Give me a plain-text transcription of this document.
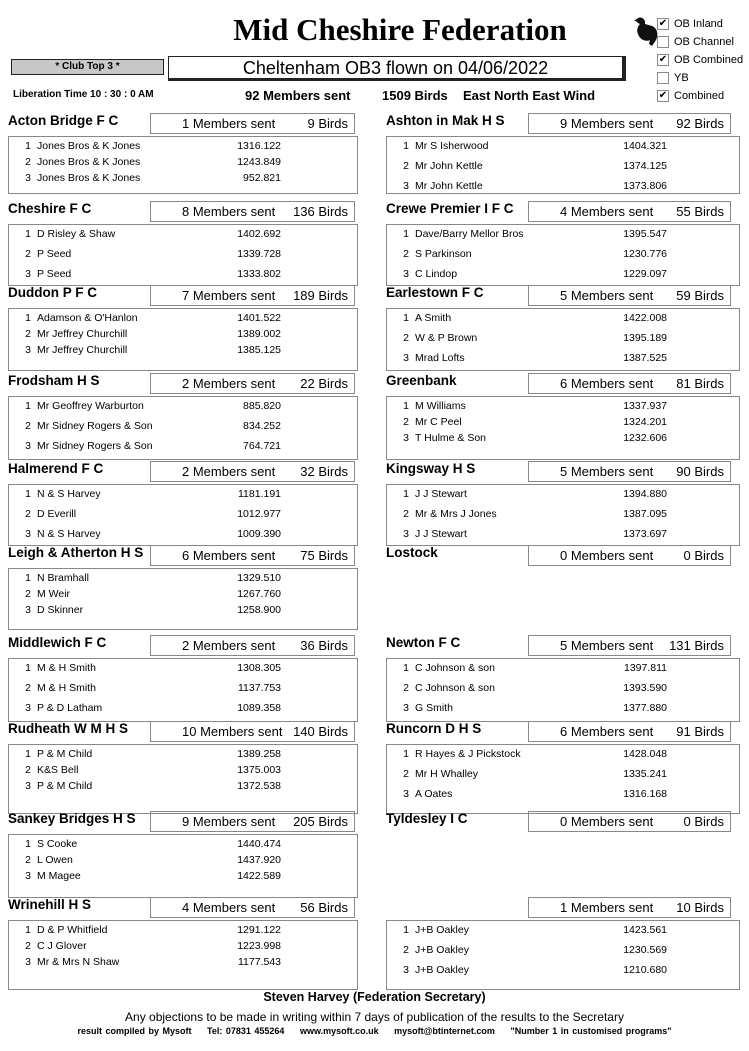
Mid Cheshire Federation	✔ OB Inland
OB Channel
✔ OB Combined
YB
✔ Combined
* Club Top 3 *	Cheltenham OB3 flown on 04/06/2022
Liberation Time 10 : 30 : 0 AM	92 Members sent 1509 Birds East North East Wind
Acton Bridge F C	1 Members sent 9 Birds
1 Jones Bros & K Jones	1316.122
2 Jones Bros & K Jones	1243.849
3 Jones Bros & K Jones	952.821
Ashton in Mak H S	9 Members sent 92 Birds
1 Mr S Isherwood	1404.321
2 Mr John Kettle	1374.125
3 Mr John Kettle	1373.806
Cheshire F C	8 Members sent 136 Birds
1 D Risley & Shaw	1402.692
2 P Seed	1339.728
3 P Seed	1333.802
Crewe Premier I F C	4 Members sent 55 Birds
1 Dave/Barry Mellor Bros	1395.547
2 S Parkinson	1230.776
3 C Lindop	1229.097
Duddon P F C	7 Members sent 189 Birds
1 Adamson & O'Hanlon	1401.522
2 Mr Jeffrey Churchill	1389.002
3 Mr Jeffrey Churchill	1385.125
Earlestown F C	5 Members sent 59 Birds
1 A Smith	1422.008
2 W & P Brown	1395.189
3 Mrad Lofts	1387.525
Frodsham H S	2 Members sent 22 Birds
1 Mr Geoffrey Warburton	885.820
2 Mr Sidney Rogers & Son	834.252
3 Mr Sidney Rogers & Son	764.721
Greenbank	6 Members sent 81 Birds
1 M Williams	1337.937
2 Mr C Peel	1324.201
3 T Hulme & Son	1232.606
Halmerend F C	2 Members sent 32 Birds
1 N & S Harvey	1181.191
2 D Everill	1012.977
3 N & S Harvey	1009.390
Kingsway H S	5 Members sent 90 Birds
1 J J Stewart	1394.880
2 Mr & Mrs J Jones	1387.095
3 J J Stewart	1373.697
Leigh & Atherton H S	6 Members sent 75 Birds
1 N Bramhall	1329.510
2 M Weir	1267.760
3 D Skinner	1258.900
Lostock	0 Members sent 0 Birds
Middlewich F C	2 Members sent 36 Birds
1 M & H Smith	1308.305
2 M & H Smith	1137.753
3 P & D Latham	1089.358
Newton F C	5 Members sent 131 Birds
1 C Johnson & son	1397.811
2 C Johnson & son	1393.590
3 G Smith	1377.880
Rudheath W M H S	10 Members sent 140 Birds
1 P & M Child	1389.258
2 K&S Bell	1375.003
3 P & M Child	1372.538
Runcorn D H S	6 Members sent 91 Birds
1 R Hayes & J Pickstock	1428.048
2 Mr H Whalley	1335.241
3 A Oates	1316.168
Sankey Bridges H S	9 Members sent 205 Birds
1 S Cooke	1440.474
2 L Owen	1437.920
3 M Magee	1422.589
Tyldesley I C	0 Members sent 0 Birds
Wrinehill H S	4 Members sent 56 Birds
1 D & P Whitfield	1291.122
2 C J Glover	1223.998
3 Mr & Mrs N Shaw	1177.543
1 Members sent 10 Birds
1 J+B Oakley	1423.561
2 J+B Oakley	1230.569
3 J+B Oakley	1210.680
Steven Harvey (Federation Secretary)
Any objections to be made in writing within 7 days of publication of the results to the Secretary
result compiled by Mysoft Tel: 07831 455264 www.mysoft.co.uk mysoft@btinternet.com "Number 1 in customised programs"
